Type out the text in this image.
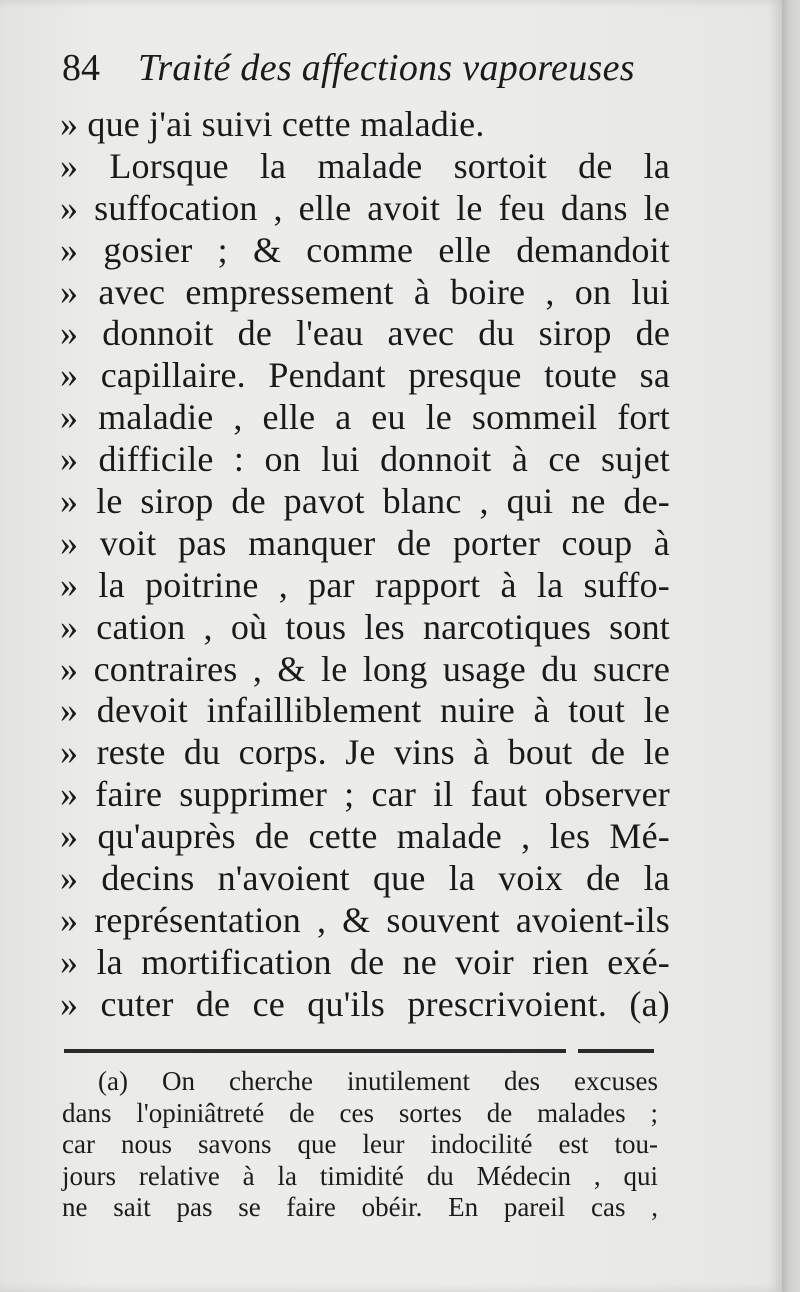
84 Traité des affections vaporeuses
» que j'ai suivi cette maladie.
» Lorsque la malade sortoit de la
» suffocation , elle avoit le feu dans le
» gosier ; & comme elle demandoit
» avec empressement à boire , on lui
» donnoit de l'eau avec du sirop de
» capillaire. Pendant presque toute sa
» maladie , elle a eu le sommeil fort
» difficile : on lui donnoit à ce sujet
» le sirop de pavot blanc , qui ne de-
» voit pas manquer de porter coup à
» la poitrine , par rapport à la suffo-
» cation , où tous les narcotiques sont
» contraires , & le long usage du sucre
» devoit infailliblement nuire à tout le
» reste du corps. Je vins à bout de le
» faire supprimer ; car il faut observer
» qu'auprès de cette malade , les Mé-
» decins n'avoient que la voix de la
» représentation , & souvent avoient-ils
» la mortification de ne voir rien exé-
» cuter de ce qu'ils prescrivoient. (a)
(a) On cherche inutilement des excuses
dans l'opiniâtreté de ces sortes de malades ;
car nous savons que leur indocilité est tou-
jours relative à la timidité du Médecin , qui
ne sait pas se faire obéir. En pareil cas ,
